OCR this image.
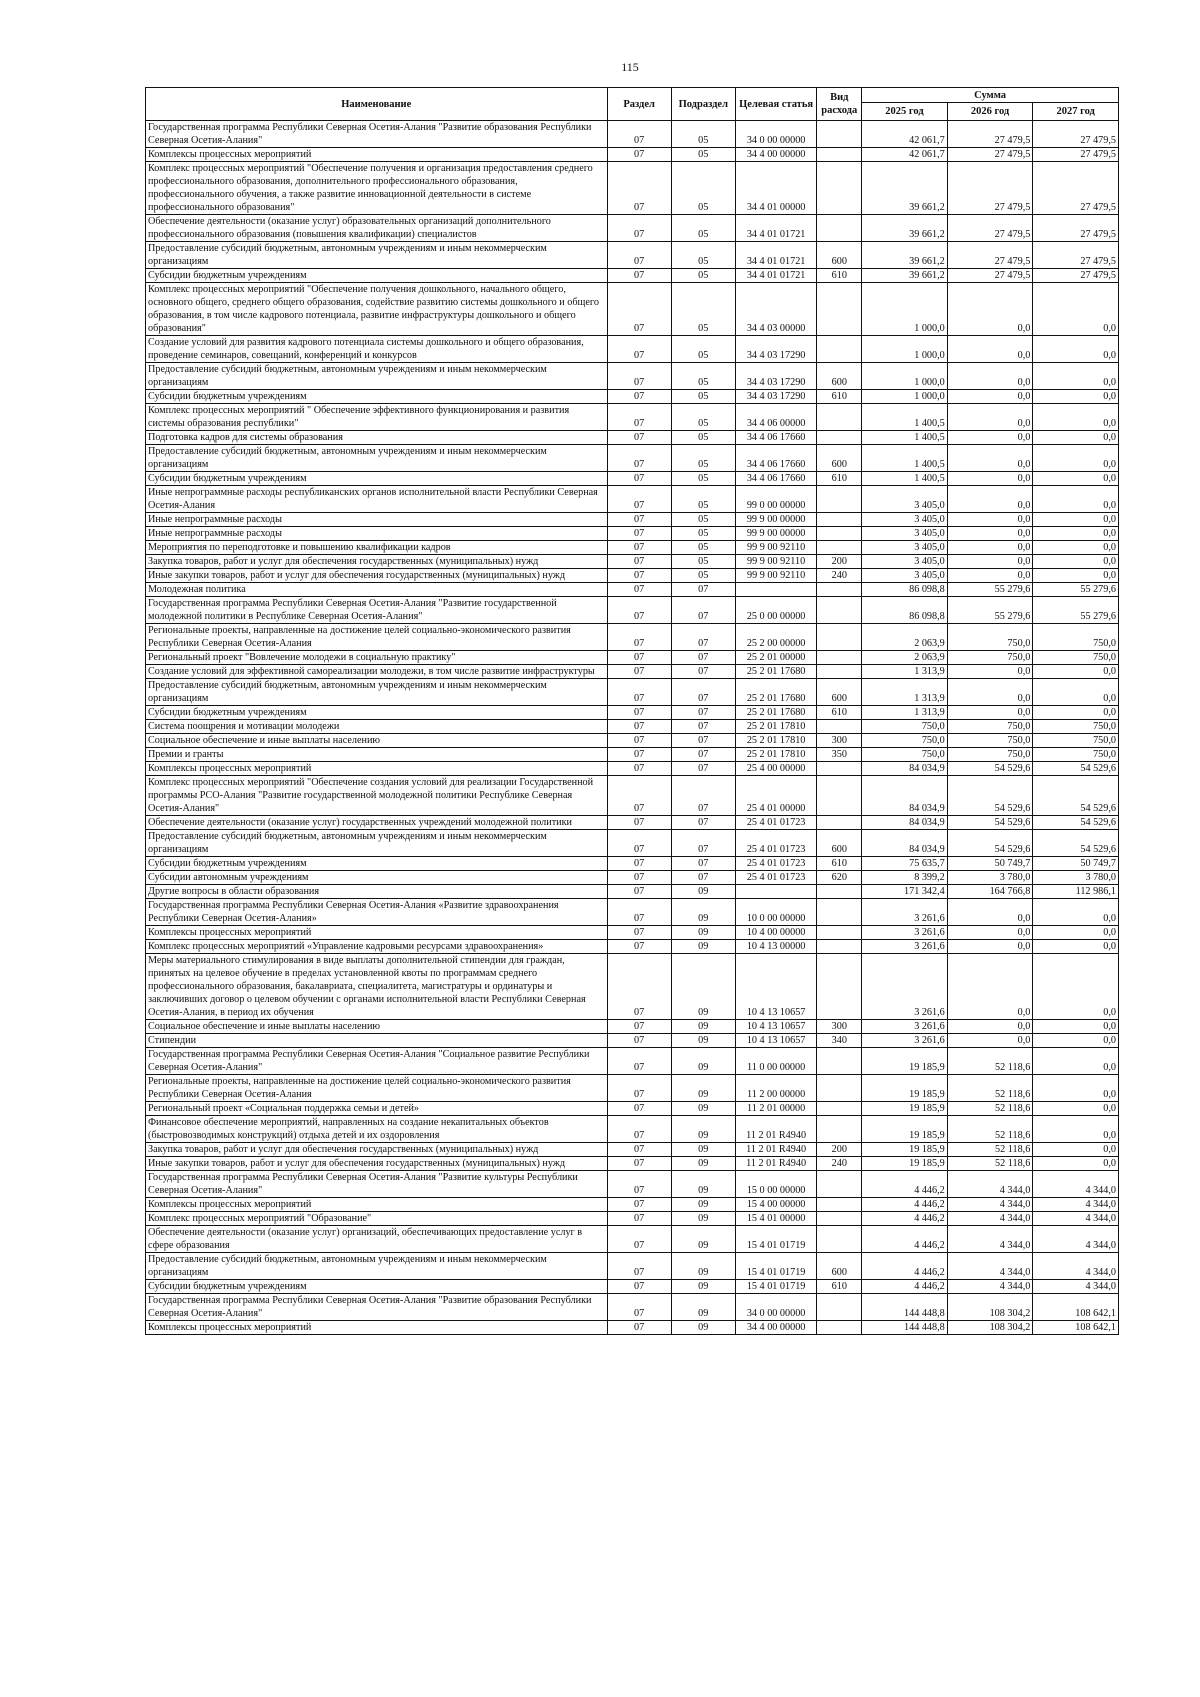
115
Наименование	Раздел	Подраздел	Целевая статья	Вид расхода	Сумма		
					2025 год	2026 год	2027 год
Государственная программа Республики Северная Осетия-Алания "Развитие образования Республики Северная Осетия-Алания"	07	05	34 0 00 00000		42 061,7	27 479,5	27 479,5
Комплексы процессных мероприятий	07	05	34 4 00 00000		42 061,7	27 479,5	27 479,5
Комплекс процессных мероприятий "Обеспечение получения и организация предоставления среднего профессионального образования, дополнительного профессионального образования, профессионального обучения, а также развитие инновационной деятельности в системе профессионального образования"	07	05	34 4 01 00000		39 661,2	27 479,5	27 479,5
Обеспечение деятельности (оказание услуг) образовательных организаций дополнительного профессионального образования (повышения квалификации) специалистов	07	05	34 4 01 01721		39 661,2	27 479,5	27 479,5
Предоставление субсидий бюджетным, автономным учреждениям и иным некоммерческим организациям	07	05	34 4 01 01721	600	39 661,2	27 479,5	27 479,5
Субсидии бюджетным учреждениям	07	05	34 4 01 01721	610	39 661,2	27 479,5	27 479,5
Комплекс процессных мероприятий "Обеспечение получения дошкольного, начального общего, основного общего, среднего общего образования, содействие развитию системы дошкольного и общего образования, в том числе кадрового потенциала, развитие инфраструктуры дошкольного и общего образования"	07	05	34 4 03 00000		1 000,0	0,0	0,0
Создание условий для развития кадрового потенциала системы дошкольного и общего образования, проведение семинаров, совещаний, конференций и конкурсов	07	05	34 4 03 17290		1 000,0	0,0	0,0
Предоставление субсидий бюджетным, автономным учреждениям и иным некоммерческим организациям	07	05	34 4 03 17290	600	1 000,0	0,0	0,0
Субсидии бюджетным учреждениям	07	05	34 4 03 17290	610	1 000,0	0,0	0,0
Комплекс процессных мероприятий " Обеспечение эффективного функционирования и развития системы образования республики"	07	05	34 4 06 00000		1 400,5	0,0	0,0
Подготовка кадров для системы образования	07	05	34 4 06 17660		1 400,5	0,0	0,0
Предоставление субсидий бюджетным, автономным учреждениям и иным некоммерческим организациям	07	05	34 4 06 17660	600	1 400,5	0,0	0,0
Субсидии бюджетным учреждениям	07	05	34 4 06 17660	610	1 400,5	0,0	0,0
Иные непрограммные расходы республиканских органов исполнительной власти Республики Северная Осетия-Алания	07	05	99 0 00 00000		3 405,0	0,0	0,0
Иные непрограммные расходы	07	05	99 9 00 00000		3 405,0	0,0	0,0
Иные непрограммные расходы	07	05	99 9 00 00000		3 405,0	0,0	0,0
Мероприятия по переподготовке и повышению квалификации кадров	07	05	99 9 00 92110		3 405,0	0,0	0,0
Закупка товаров, работ и услуг для обеспечения государственных (муниципальных) нужд	07	05	99 9 00 92110	200	3 405,0	0,0	0,0
Иные закупки товаров, работ и услуг для обеспечения государственных (муниципальных) нужд	07	05	99 9 00 92110	240	3 405,0	0,0	0,0
Молодежная политика	07	07			86 098,8	55 279,6	55 279,6
Государственная программа Республики Северная Осетия-Алания "Развитие государственной молодежной политики в Республике Северная Осетия-Алания"	07	07	25 0 00 00000		86 098,8	55 279,6	55 279,6
Региональные проекты, направленные на достижение целей социально-экономического развития Республики Северная Осетия-Алания	07	07	25 2 00 00000		2 063,9	750,0	750,0
Региональный проект "Вовлечение молодежи в социальную практику"	07	07	25 2 01 00000		2 063,9	750,0	750,0
Создание условий для эффективной самореализации молодежи, в том числе развитие инфраструктуры	07	07	25 2 01 17680		1 313,9	0,0	0,0
Предоставление субсидий бюджетным, автономным учреждениям и иным некоммерческим организациям	07	07	25 2 01 17680	600	1 313,9	0,0	0,0
Субсидии бюджетным учреждениям	07	07	25 2 01 17680	610	1 313,9	0,0	0,0
Система поощрения и мотивации молодежи	07	07	25 2 01 17810		750,0	750,0	750,0
Социальное обеспечение и иные выплаты населению	07	07	25 2 01 17810	300	750,0	750,0	750,0
Премии и гранты	07	07	25 2 01 17810	350	750,0	750,0	750,0
Комплексы процессных мероприятий	07	07	25 4 00 00000		84 034,9	54 529,6	54 529,6
Комплекс процессных мероприятий "Обеспечение создания условий для реализации Государственной программы РСО-Алания "Развитие государственной молодежной политики Республике Северная Осетия-Алания"	07	07	25 4 01 00000		84 034,9	54 529,6	54 529,6
Обеспечение деятельности (оказание услуг) государственных учреждений молодежной политики	07	07	25 4 01 01723		84 034,9	54 529,6	54 529,6
Предоставление субсидий бюджетным, автономным учреждениям и иным некоммерческим организациям	07	07	25 4 01 01723	600	84 034,9	54 529,6	54 529,6
Субсидии бюджетным учреждениям	07	07	25 4 01 01723	610	75 635,7	50 749,7	50 749,7
Субсидии автономным учреждениям	07	07	25 4 01 01723	620	8 399,2	3 780,0	3 780,0
Другие вопросы в области образования	07	09			171 342,4	164 766,8	112 986,1
Государственная программа Республики Северная Осетия-Алания «Развитие здравоохранения Республики Северная Осетия-Алания»	07	09	10 0 00 00000		3 261,6	0,0	0,0
Комплексы процессных мероприятий	07	09	10 4 00 00000		3 261,6	0,0	0,0
Комплекс процессных мероприятий «Управление кадровыми ресурсами здравоохранения»	07	09	10 4 13 00000		3 261,6	0,0	0,0
Меры материального стимулирования в виде выплаты дополнительной стипендии для граждан, принятых на целевое обучение в пределах установленной квоты по программам среднего профессионального образования, бакалавриата, специалитета, магистратуры и ординатуры и заключивших договор о целевом обучении с органами исполнительной власти Республики Северная Осетия-Алания, в период их обучения	07	09	10 4 13 10657		3 261,6	0,0	0,0
Социальное обеспечение и иные выплаты населению	07	09	10 4 13 10657	300	3 261,6	0,0	0,0
Стипендии	07	09	10 4 13 10657	340	3 261,6	0,0	0,0
Государственная программа Республики Северная Осетия-Алания "Социальное развитие Республики Северная Осетия-Алания"	07	09	11 0 00 00000		19 185,9	52 118,6	0,0
Региональные проекты, направленные на достижение целей социально-экономического развития Республики Северная Осетия-Алания	07	09	11 2 00 00000		19 185,9	52 118,6	0,0
Региональный проект «Социальная поддержка семьи и детей»	07	09	11 2 01 00000		19 185,9	52 118,6	0,0
Финансовое обеспечение мероприятий, направленных на создание некапитальных объектов (быстровозводимых конструкций) отдыха детей и их оздоровления	07	09	11 2 01 R4940		19 185,9	52 118,6	0,0
Закупка товаров, работ и услуг для обеспечения государственных (муниципальных) нужд	07	09	11 2 01 R4940	200	19 185,9	52 118,6	0,0
Иные закупки товаров, работ и услуг для обеспечения государственных (муниципальных) нужд	07	09	11 2 01 R4940	240	19 185,9	52 118,6	0,0
Государственная программа Республики Северная Осетия-Алания "Развитие культуры Республики Северная Осетия-Алания"	07	09	15 0 00 00000		4 446,2	4 344,0	4 344,0
Комплексы процессных мероприятий	07	09	15 4 00 00000		4 446,2	4 344,0	4 344,0
Комплекс процессных мероприятий "Образование"	07	09	15 4 01 00000		4 446,2	4 344,0	4 344,0
Обеспечение деятельности (оказание услуг) организаций, обеспечивающих предоставление услуг в сфере образования	07	09	15 4 01 01719		4 446,2	4 344,0	4 344,0
Предоставление субсидий бюджетным, автономным учреждениям и иным некоммерческим организациям	07	09	15 4 01 01719	600	4 446,2	4 344,0	4 344,0
Субсидии бюджетным учреждениям	07	09	15 4 01 01719	610	4 446,2	4 344,0	4 344,0
Государственная программа Республики Северная Осетия-Алания "Развитие образования Республики Северная Осетия-Алания"	07	09	34 0 00 00000		144 448,8	108 304,2	108 642,1
Комплексы процессных мероприятий	07	09	34 4 00 00000		144 448,8	108 304,2	108 642,1
